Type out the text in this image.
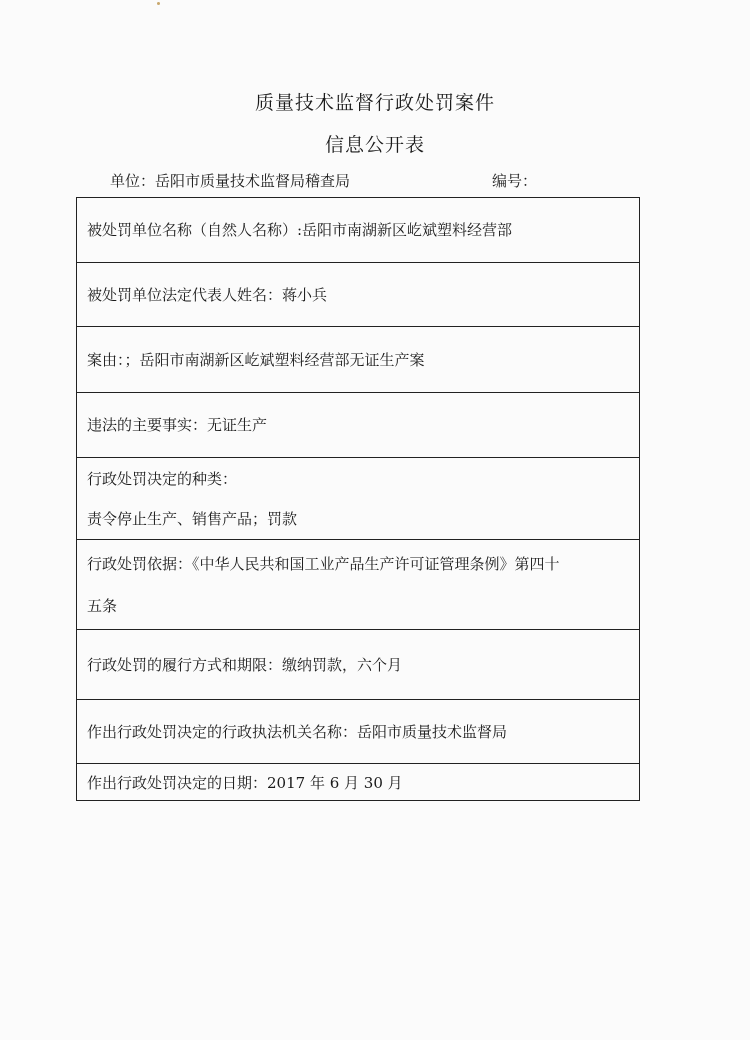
质量技术监督行政处罚案件
信息公开表
单位：岳阳市质量技术监督局稽查局	编号：
被处罚单位名称（自然人名称）:岳阳市南湖新区屹斌塑料经营部
被处罚单位法定代表人姓名：蒋小兵
案由：；岳阳市南湖新区屹斌塑料经营部无证生产案
违法的主要事实：无证生产
行政处罚决定的种类：
责令停止生产、销售产品；罚款
行政处罚依据：《中华人民共和国工业产品生产许可证管理条例》第四十
五条
行政处罚的履行方式和期限：缴纳罚款，六个月
作出行政处罚决定的行政执法机关名称：岳阳市质量技术监督局
作出行政处罚决定的日期：2017 年 6 月 30 月
